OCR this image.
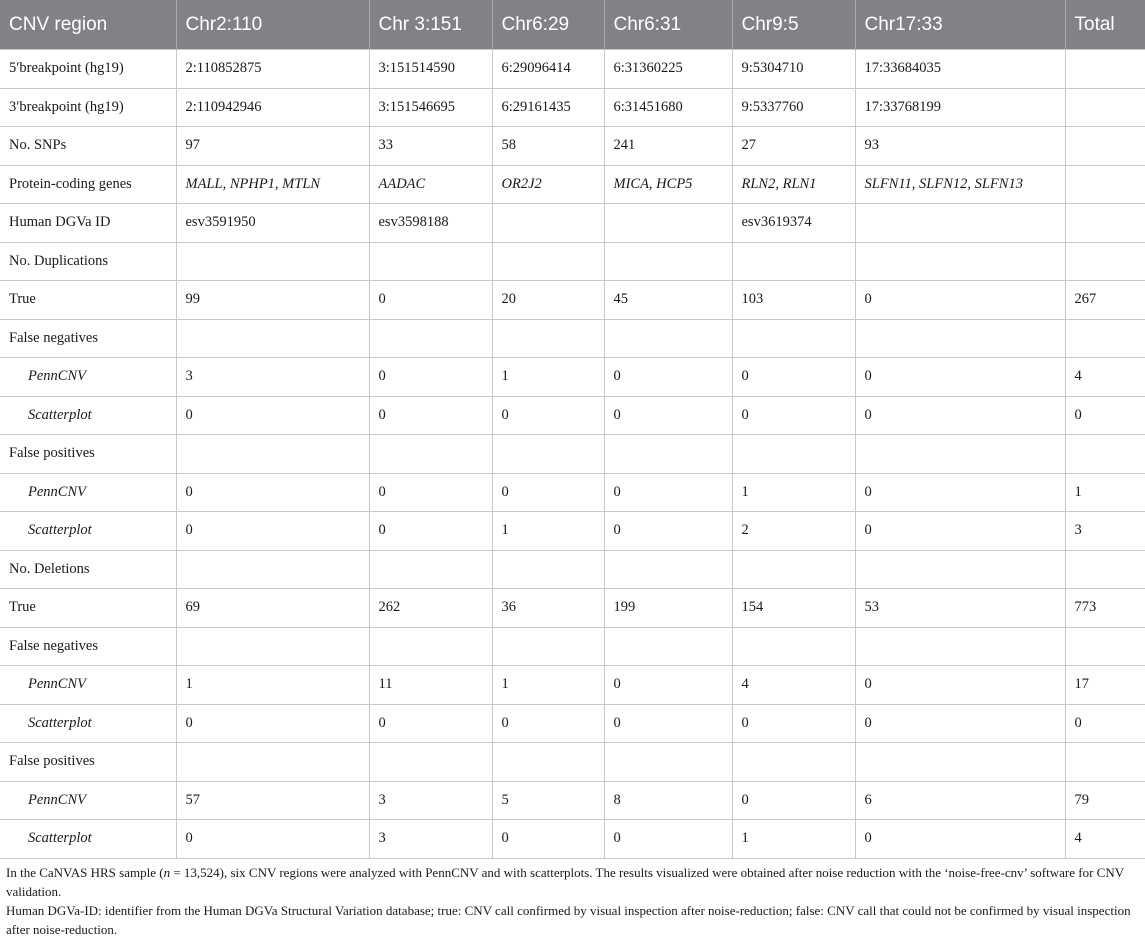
CNV region	Chr2:110	Chr 3:151	Chr6:29	Chr6:31	Chr9:5	Chr17:33	Total
5′breakpoint (hg19)	2:110852875	3:151514590	6:29096414	6:31360225	9:5304710	17:33684035	
3′breakpoint (hg19)	2:110942946	3:151546695	6:29161435	6:31451680	9:5337760	17:33768199	
No. SNPs	97	33	58	241	27	93	
Protein-coding genes	MALL, NPHP1, MTLN	AADAC	OR2J2	MICA, HCP5	RLN2, RLN1	SLFN11, SLFN12, SLFN13	
Human DGVa ID	esv3591950	esv3598188			esv3619374		
No. Duplications							
True	99	0	20	45	103	0	267
False negatives							
PennCNV	3	0	1	0	0	0	4
Scatterplot	0	0	0	0	0	0	0
False positives							
PennCNV	0	0	0	0	1	0	1
Scatterplot	0	0	1	0	2	0	3
No. Deletions							
True	69	262	36	199	154	53	773
False negatives							
PennCNV	1	11	1	0	4	0	17
Scatterplot	0	0	0	0	0	0	0
False positives							
PennCNV	57	3	5	8	0	6	79
Scatterplot	0	3	0	0	1	0	4

In the CaNVAS HRS sample (n = 13,524), six CNV regions were analyzed with PennCNV and with scatterplots. The results visualized were obtained after noise reduction with the ‘noise-free-cnv’ software for CNV validation.

Human DGVa-ID: identifier from the Human DGVa Structural Variation database; true: CNV call confirmed by visual inspection after noise-reduction; false: CNV call that could not be confirmed by visual inspection after noise-reduction.
